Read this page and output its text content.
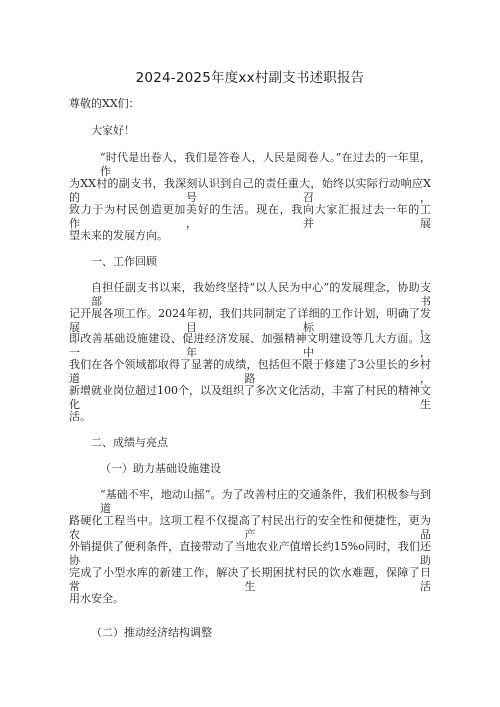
2024-2025年度xx村副支书述职报告
尊敬的XX们：
大家好！
“时代是出卷人，我们是答卷人，人民是阅卷人。”在过去的一年里，作
为XX村的副支书，我深刻认识到自己的责任重大，始终以实际行动响应X的号召，
致力于为村民创造更加美好的生活。现在，我向大家汇报过去一年的工作，并展
望未来的发展方向。
一、工作回顾
自担任副支书以来，我始终坚持“以人民为中心”的发展理念，协助支部书
记开展各项工作。2024年初，我们共同制定了详细的工作计划，明确了发展目标，
即改善基础设施建设、促进经济发展、加强精神文明建设等几大方面。这一年中，
我们在各个领域都取得了显著的成绩，包括但不限于修建了3公里长的乡村道路，
新增就业岗位超过100个，以及组织了多次文化活动，丰富了村民的精神文化生
活。
二、成绩与亮点
（一）助力基础设施建设
“基础不牢，地动山摇”。为了改善村庄的交通条件，我们积极参与到道
路硬化工程当中。这项工程不仅提高了村民出行的安全性和便捷性，更为农产品
外销提供了便利条件，直接带动了当地农业产值增长约15%o同时，我们还协助
完成了小型水库的新建工作，解决了长期困扰村民的饮水难题，保障了日常生活
用水安全。
（二）推动经济结构调整
